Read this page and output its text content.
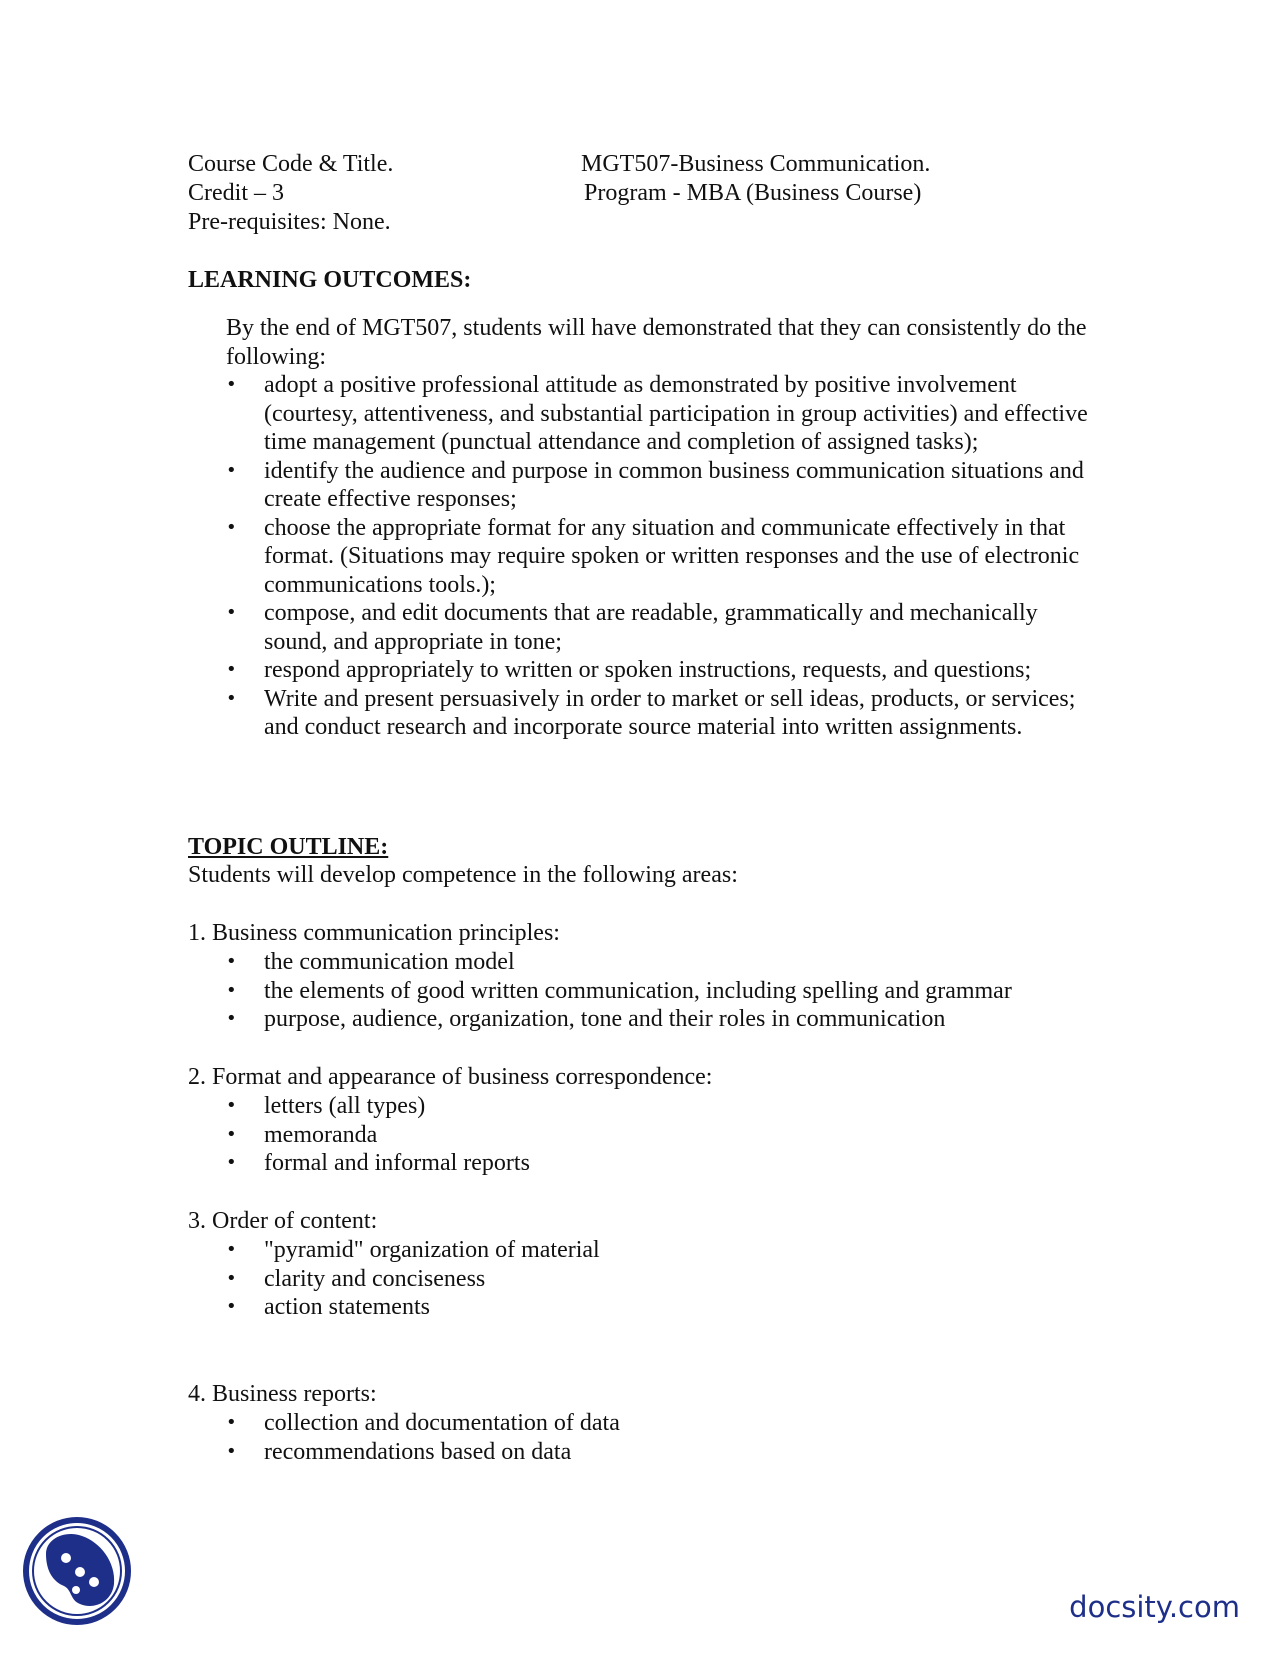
Course Code & Title.	MGT507-Business Communication.
Credit – 3	Program - MBA (Business Course)
Pre-requisites: None.
LEARNING OUTCOMES:

By the end of MGT507, students will have demonstrated that they can consistently do the following:

• adopt a positive professional attitude as demonstrated by positive involvement (courtesy, attentiveness, and substantial participation in group activities) and effective time management (punctual attendance and completion of assigned tasks);
• identify the audience and purpose in common business communication situations and create effective responses;
• choose the appropriate format for any situation and communicate effectively in that format. (Situations may require spoken or written responses and the use of electronic communications tools.);
• compose, and edit documents that are readable, grammatically and mechanically sound, and appropriate in tone;
• respond appropriately to written or spoken instructions, requests, and questions;
• Write and present persuasively in order to market or sell ideas, products, or services; and conduct research and incorporate source material into written assignments.
TOPIC OUTLINE:
Students will develop competence in the following areas:
1. Business communication principles:
• the communication model
• the elements of good written communication, including spelling and grammar
• purpose, audience, organization, tone and their roles in communication
2. Format and appearance of business correspondence:
• letters (all types)
• memoranda
• formal and informal reports
3. Order of content:
• "pyramid" organization of material
• clarity and conciseness
• action statements
4. Business reports:
• collection and documentation of data
• recommendations based on data
docsity.com
